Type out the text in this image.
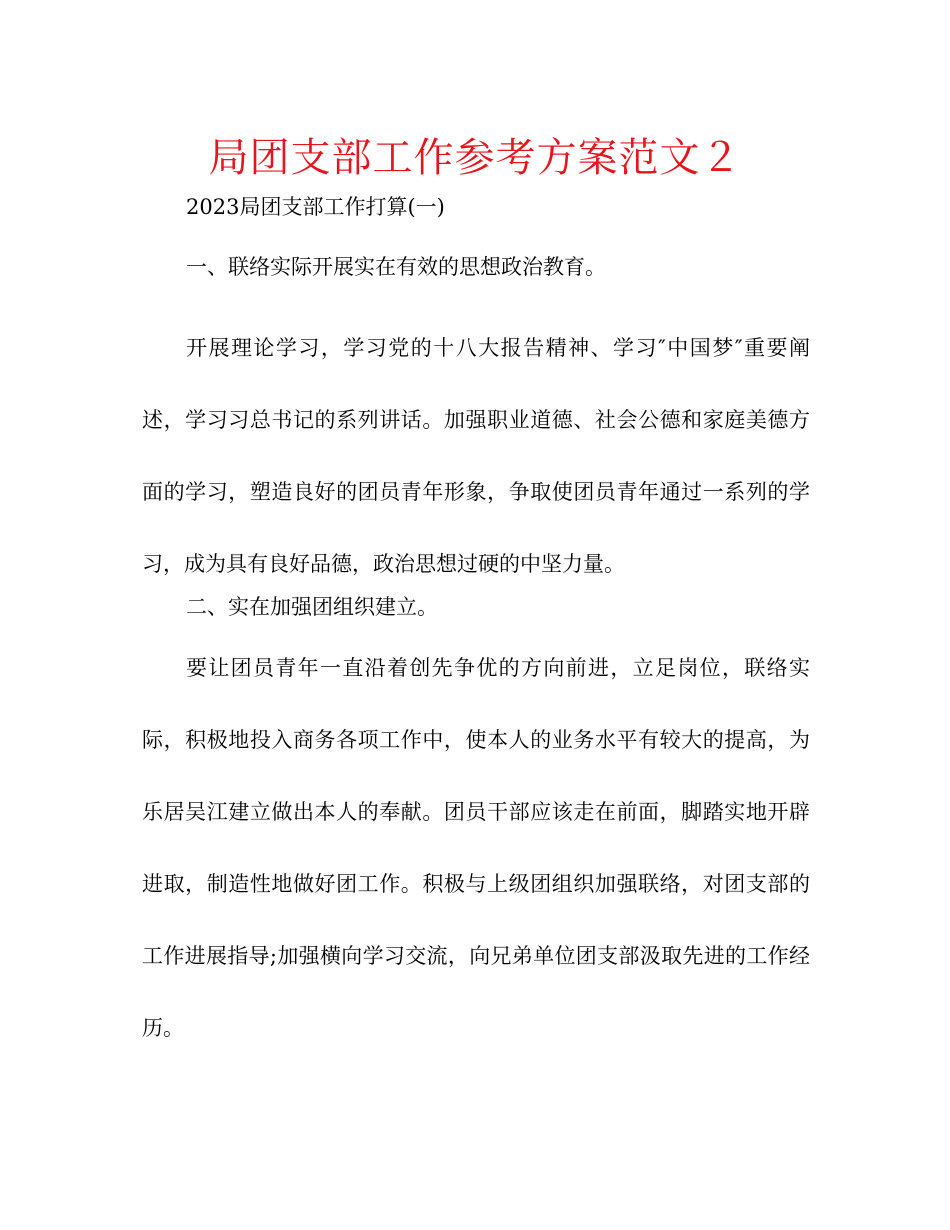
局团支部工作参考方案范文２

2023局团支部工作打算(一)

一、联络实际开展实在有效的思想政治教育。

开展理论学习，学习党的十八大报告精神、学习″中国梦″重要阐述，学习习总书记的系列讲话。加强职业道德、社会公德和家庭美德方面的学习，塑造良好的团员青年形象，争取使团员青年通过一系列的学习，成为具有良好品德，政治思想过硬的中坚力量。

二、实在加强团组织建立。

要让团员青年一直沿着创先争优的方向前进，立足岗位，联络实际，积极地投入商务各项工作中，使本人的业务水平有较大的提高，为乐居吴江建立做出本人的奉献。团员干部应该走在前面，脚踏实地开辟进取，制造性地做好团工作。积极与上级团组织加强联络，对团支部的工作进展指导;加强横向学习交流，向兄弟单位团支部汲取先进的工作经历。
